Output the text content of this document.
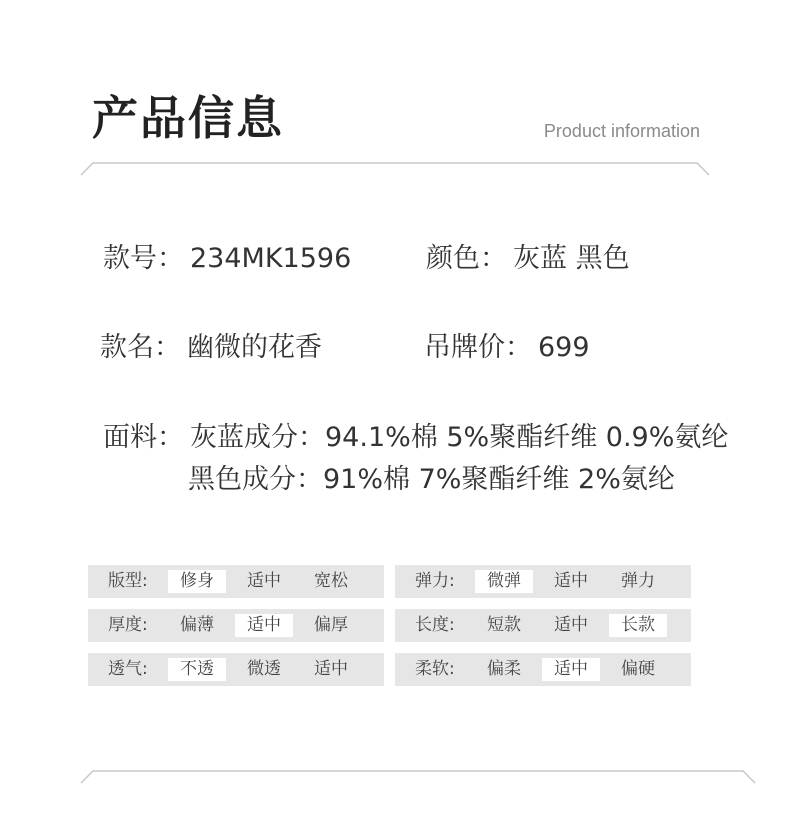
产品信息	Product information
款号： 234MK1596	颜色： 灰蓝 黑色
款名： 幽微的花香	吊牌价： 699
面料： 灰蓝成分：94.1%棉 5%聚酯纤维 0.9%氨纶
黑色成分：91%棉 7%聚酯纤维 2%氨纶
版型:	修身	适中	宽松	弹力:	微弹	适中	弹力
厚度:	偏薄	适中	偏厚	长度:	短款	适中	长款
透气:	不透	微透	适中	柔软:	偏柔	适中	偏硬
